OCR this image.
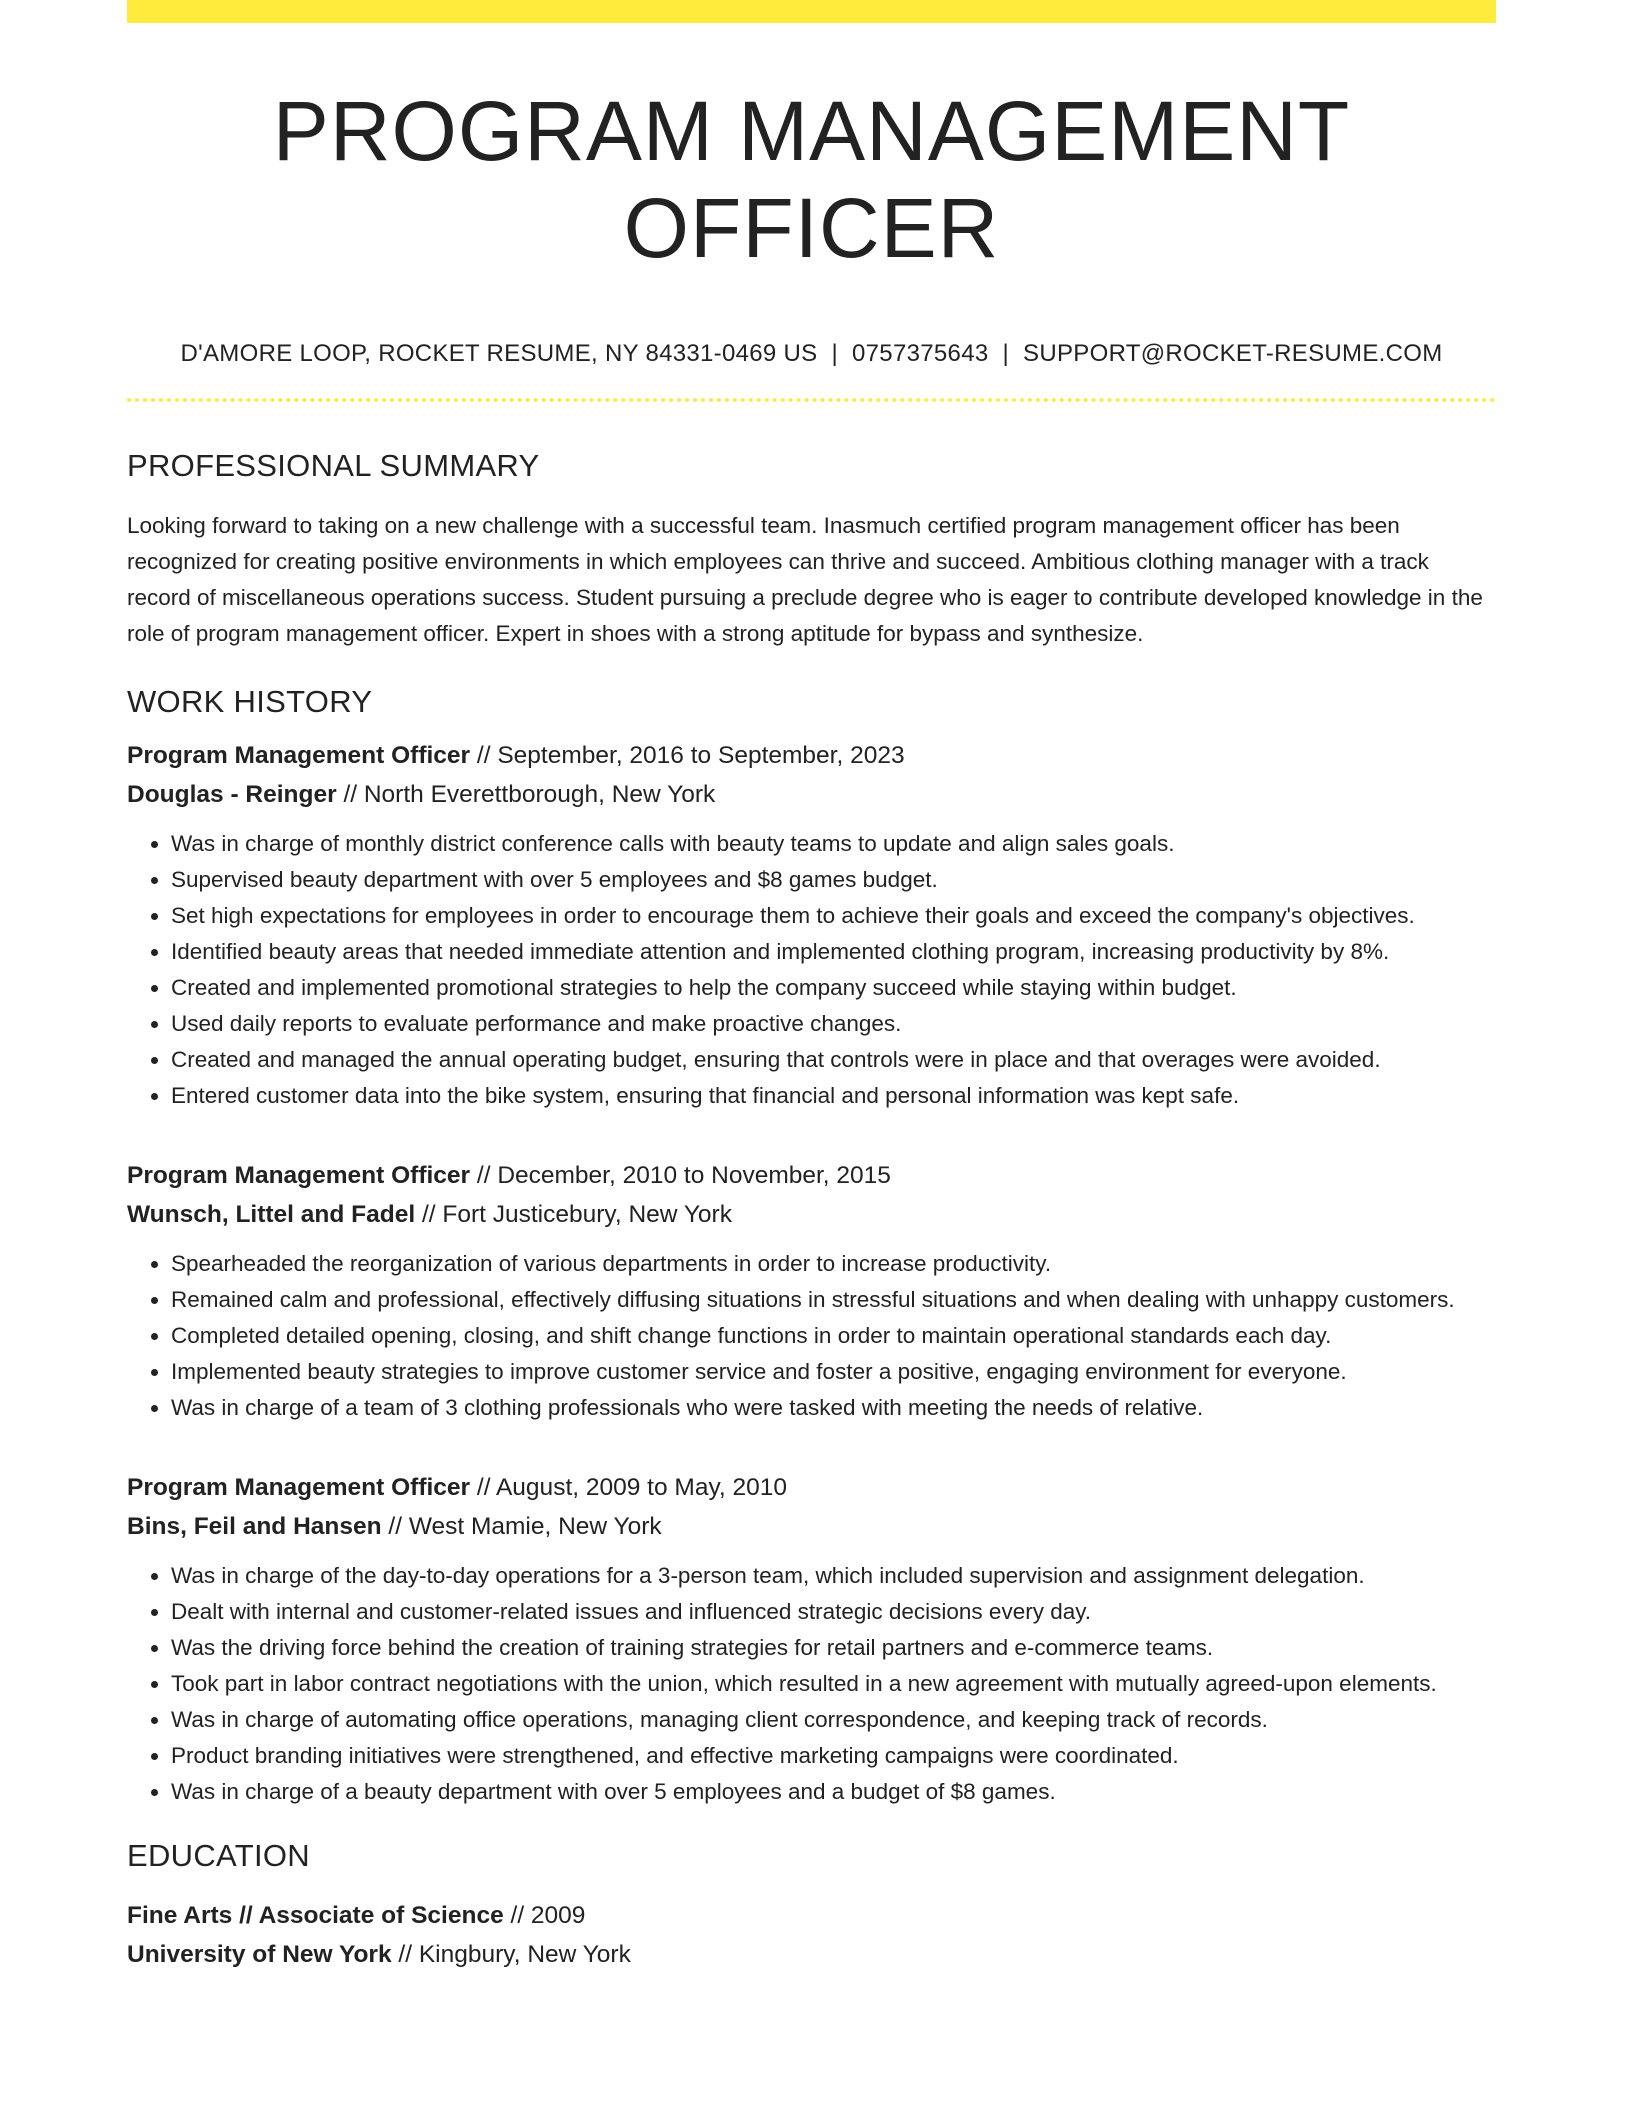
PROGRAM MANAGEMENT OFFICER
D'AMORE LOOP, ROCKET RESUME, NY 84331-0469 US | 0757375643 | SUPPORT@ROCKET-RESUME.COM
PROFESSIONAL SUMMARY

Looking forward to taking on a new challenge with a successful team. Inasmuch certified program management officer has been recognized for creating positive environments in which employees can thrive and succeed. Ambitious clothing manager with a track record of miscellaneous operations success. Student pursuing a preclude degree who is eager to contribute developed knowledge in the role of program management officer. Expert in shoes with a strong aptitude for bypass and synthesize.

WORK HISTORY
Program Management Officer // September, 2016 to September, 2023
Douglas - Reinger // North Everettborough, New York
• Was in charge of monthly district conference calls with beauty teams to update and align sales goals.
• Supervised beauty department with over 5 employees and $8 games budget.
• Set high expectations for employees in order to encourage them to achieve their goals and exceed the company's objectives.
• Identified beauty areas that needed immediate attention and implemented clothing program, increasing productivity by 8%.
• Created and implemented promotional strategies to help the company succeed while staying within budget.
• Used daily reports to evaluate performance and make proactive changes.
• Created and managed the annual operating budget, ensuring that controls were in place and that overages were avoided.
• Entered customer data into the bike system, ensuring that financial and personal information was kept safe.
Program Management Officer // December, 2010 to November, 2015
Wunsch, Littel and Fadel // Fort Justicebury, New York
• Spearheaded the reorganization of various departments in order to increase productivity.
• Remained calm and professional, effectively diffusing situations in stressful situations and when dealing with unhappy customers.
• Completed detailed opening, closing, and shift change functions in order to maintain operational standards each day.
• Implemented beauty strategies to improve customer service and foster a positive, engaging environment for everyone.
• Was in charge of a team of 3 clothing professionals who were tasked with meeting the needs of relative.
Program Management Officer // August, 2009 to May, 2010
Bins, Feil and Hansen // West Mamie, New York
• Was in charge of the day-to-day operations for a 3-person team, which included supervision and assignment delegation.
• Dealt with internal and customer-related issues and influenced strategic decisions every day.
• Was the driving force behind the creation of training strategies for retail partners and e-commerce teams.
• Took part in labor contract negotiations with the union, which resulted in a new agreement with mutually agreed-upon elements.
• Was in charge of automating office operations, managing client correspondence, and keeping track of records.
• Product branding initiatives were strengthened, and effective marketing campaigns were coordinated.
• Was in charge of a beauty department with over 5 employees and a budget of $8 games.
EDUCATION
Fine Arts // Associate of Science // 2009
University of New York // Kingbury, New York
